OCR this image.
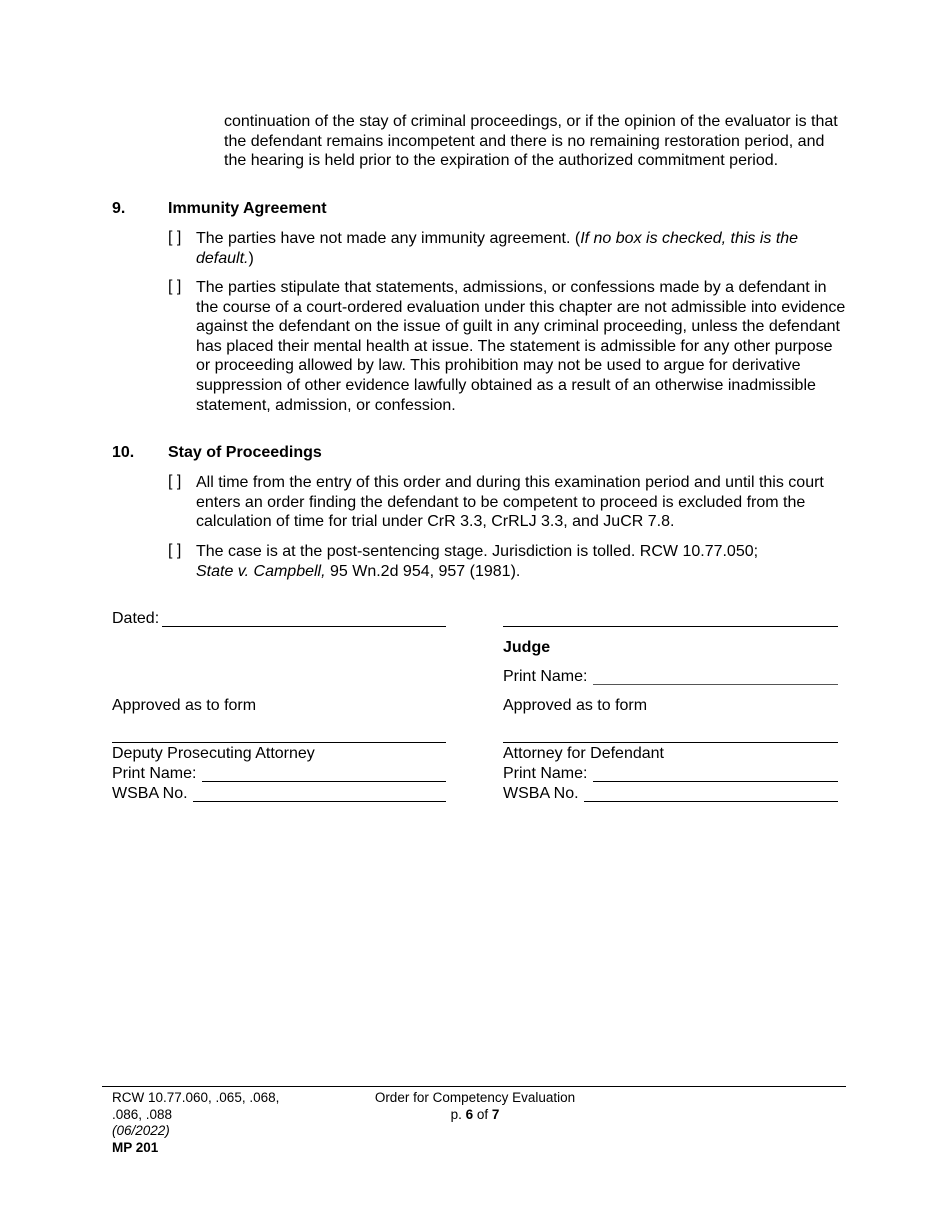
continuation of the stay of criminal proceedings, or if the opinion of the evaluator is that the defendant remains incompetent and there is no remaining restoration period, and the hearing is held prior to the expiration of the authorized commitment period.
9.	Immunity Agreement
[ ] The parties have not made any immunity agreement. (If no box is checked, this is the default.)
[ ] The parties stipulate that statements, admissions, or confessions made by a defendant in the course of a court-ordered evaluation under this chapter are not admissible into evidence against the defendant on the issue of guilt in any criminal proceeding, unless the defendant has placed their mental health at issue. The statement is admissible for any other purpose or proceeding allowed by law. This prohibition may not be used to argue for derivative suppression of other evidence lawfully obtained as a result of an otherwise inadmissible statement, admission, or confession.
10. Stay of Proceedings
[ ] All time from the entry of this order and during this examination period and until this court enters an order finding the defendant to be competent to proceed is excluded from the calculation of time for trial under CrR 3.3, CrRLJ 3.3, and JuCR 7.8.
[ ] The case is at the post-sentencing stage. Jurisdiction is tolled. RCW 10.77.050;
State v. Campbell, 95 Wn.2d 954, 957 (1981).
Dated:
Judge
Print Name:
Approved as to form	Approved as to form
Deputy Prosecuting Attorney
Print Name:
WSBA No.
Attorney for Defendant
Print Name:
WSBA No.
RCW 10.77.060, .065, .068,
.086, .088
(06/2022)
MP 201
Order for Competency Evaluation
p. 6 of 7
